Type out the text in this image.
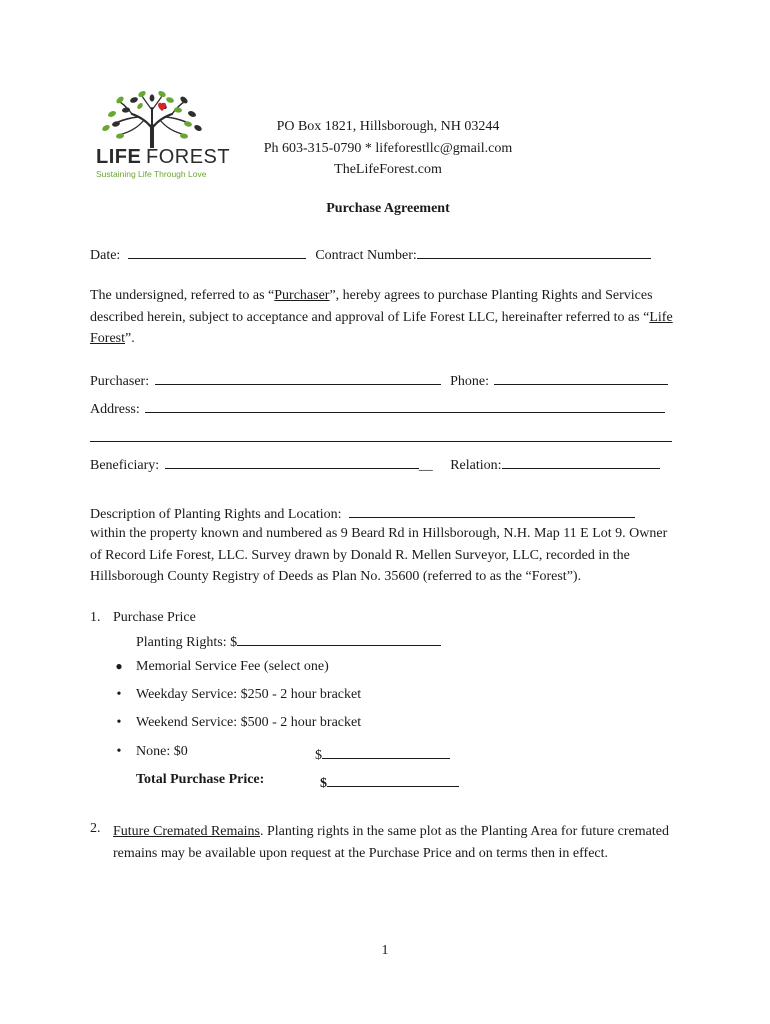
LIFE FOREST
Sustaining Life Through Love
PO Box 1821, Hillsborough, NH 03244
Ph 603-315-0790 * lifeforestllc@gmail.com
TheLifeForest.com
Purchase Agreement
Date:	Contract Number:
The undersigned, referred to as “Purchaser”, hereby agrees to purchase Planting Rights and Services described herein, subject to acceptance and approval of Life Forest LLC, hereinafter referred to as “Life Forest”.
Purchaser:	Phone:
Address:
Beneficiary:	__ Relation:
Description of Planting Rights and Location:
within the property known and numbered as 9 Beard Rd in Hillsborough, N.H. Map 11 E Lot 9. Owner of Record Life Forest, LLC. Survey drawn by Donald R. Mellen Surveyor, LLC, recorded in the Hillsborough County Registry of Deeds as Plan No. 35600 (referred to as the “Forest”).
1. Purchase Price
Planting Rights: $
● Memorial Service Fee (select one)
•	Weekday Service: $250 - 2 hour bracket
•	Weekend Service: $500 - 2 hour bracket
•	None: $0	$
Total Purchase Price:	$
2. Future Cremated Remains. Planting rights in the same plot as the Planting Area for future cremated remains may be available upon request at the Purchase Price and on terms then in effect.
1
